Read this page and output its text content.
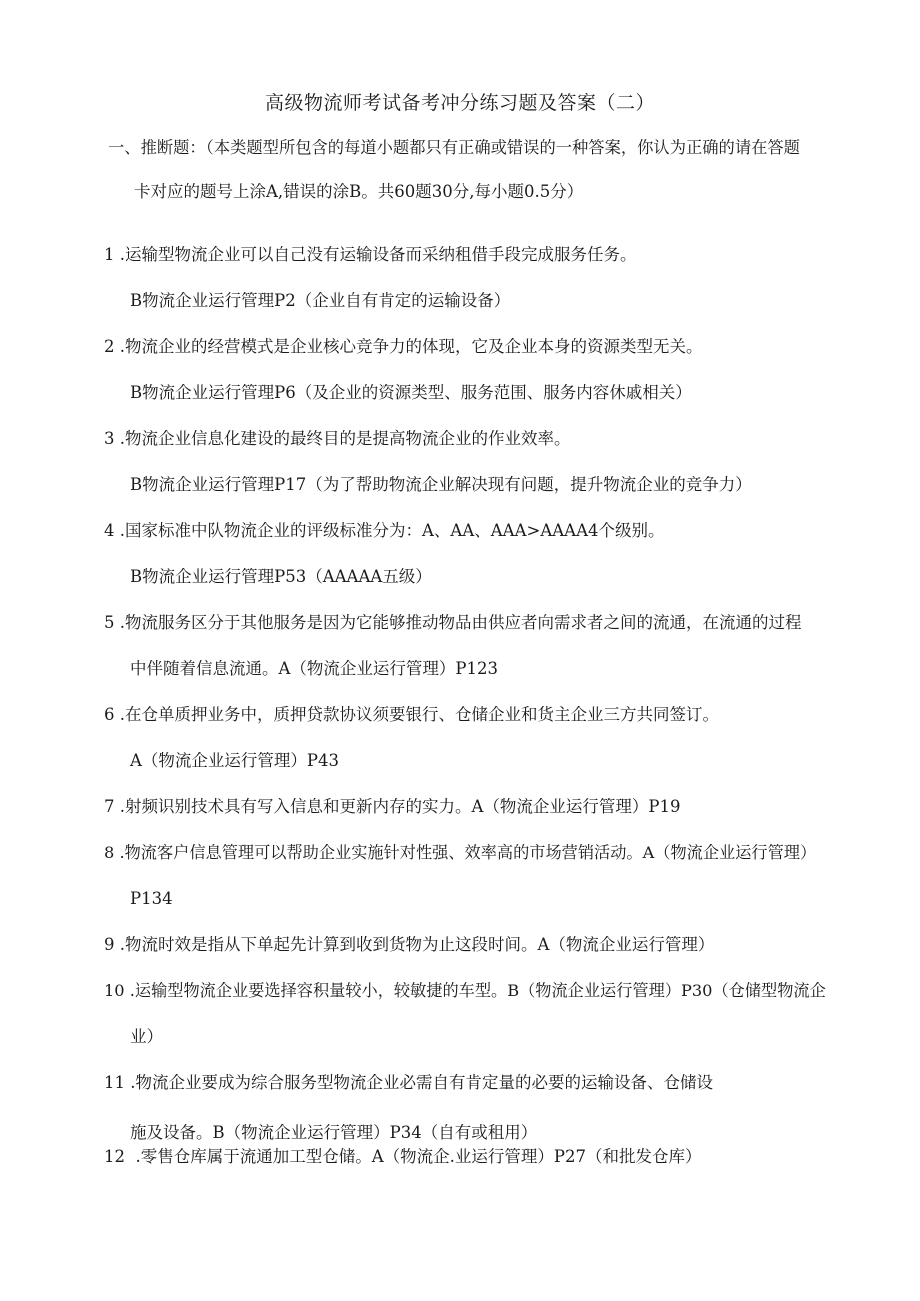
高级物流师考试备考冲分练习题及答案（二）
一、推断题：（本类题型所包含的每道小题都只有正确或错误的一种答案，你认为正确的请在答题
卡对应的题号上涂A,错误的涂B。共60题30分,每小题0.5分）
1 .运输型物流企业可以自己没有运输设备而采纳租借手段完成服务任务。
B物流企业运行管理P2（企业自有肯定的运输设备）
2 .物流企业的经营模式是企业核心竞争力的体现，它及企业本身的资源类型无关。
B物流企业运行管理P6（及企业的资源类型、服务范围、服务内容休戚相关）
3 .物流企业信息化建设的最终目的是提高物流企业的作业效率。
B物流企业运行管理P17（为了帮助物流企业解决现有问题，提升物流企业的竞争力）
4 .国家标准中队物流企业的评级标准分为：A、AA、AAA>AAAA4个级别。
B物流企业运行管理P53（AAAAA五级）
5 .物流服务区分于其他服务是因为它能够推动物品由供应者向需求者之间的流通，在流通的过程
中伴随着信息流通。A（物流企业运行管理）P123
6 .在仓单质押业务中，质押贷款协议须要银行、仓储企业和货主企业三方共同签订。
A（物流企业运行管理）P43
7 .射频识别技术具有写入信息和更新内存的实力。A（物流企业运行管理）P19
8 .物流客户信息管理可以帮助企业实施针对性强、效率高的市场营销活动。A（物流企业运行管理）
P134
9 .物流时效是指从下单起先计算到收到货物为止这段时间。A（物流企业运行管理）
10 .运输型物流企业要选择容积量较小，较敏捷的车型。B（物流企业运行管理）P30（仓储型物流企
业）
11 .物流企业要成为综合服务型物流企业必需自有肯定量的必要的运输设备、仓储设
施及设备。B（物流企业运行管理）P34（自有或租用）
12  .零售仓库属于流通加工型仓储。A（物流企.业运行管理）P27（和批发仓库）
